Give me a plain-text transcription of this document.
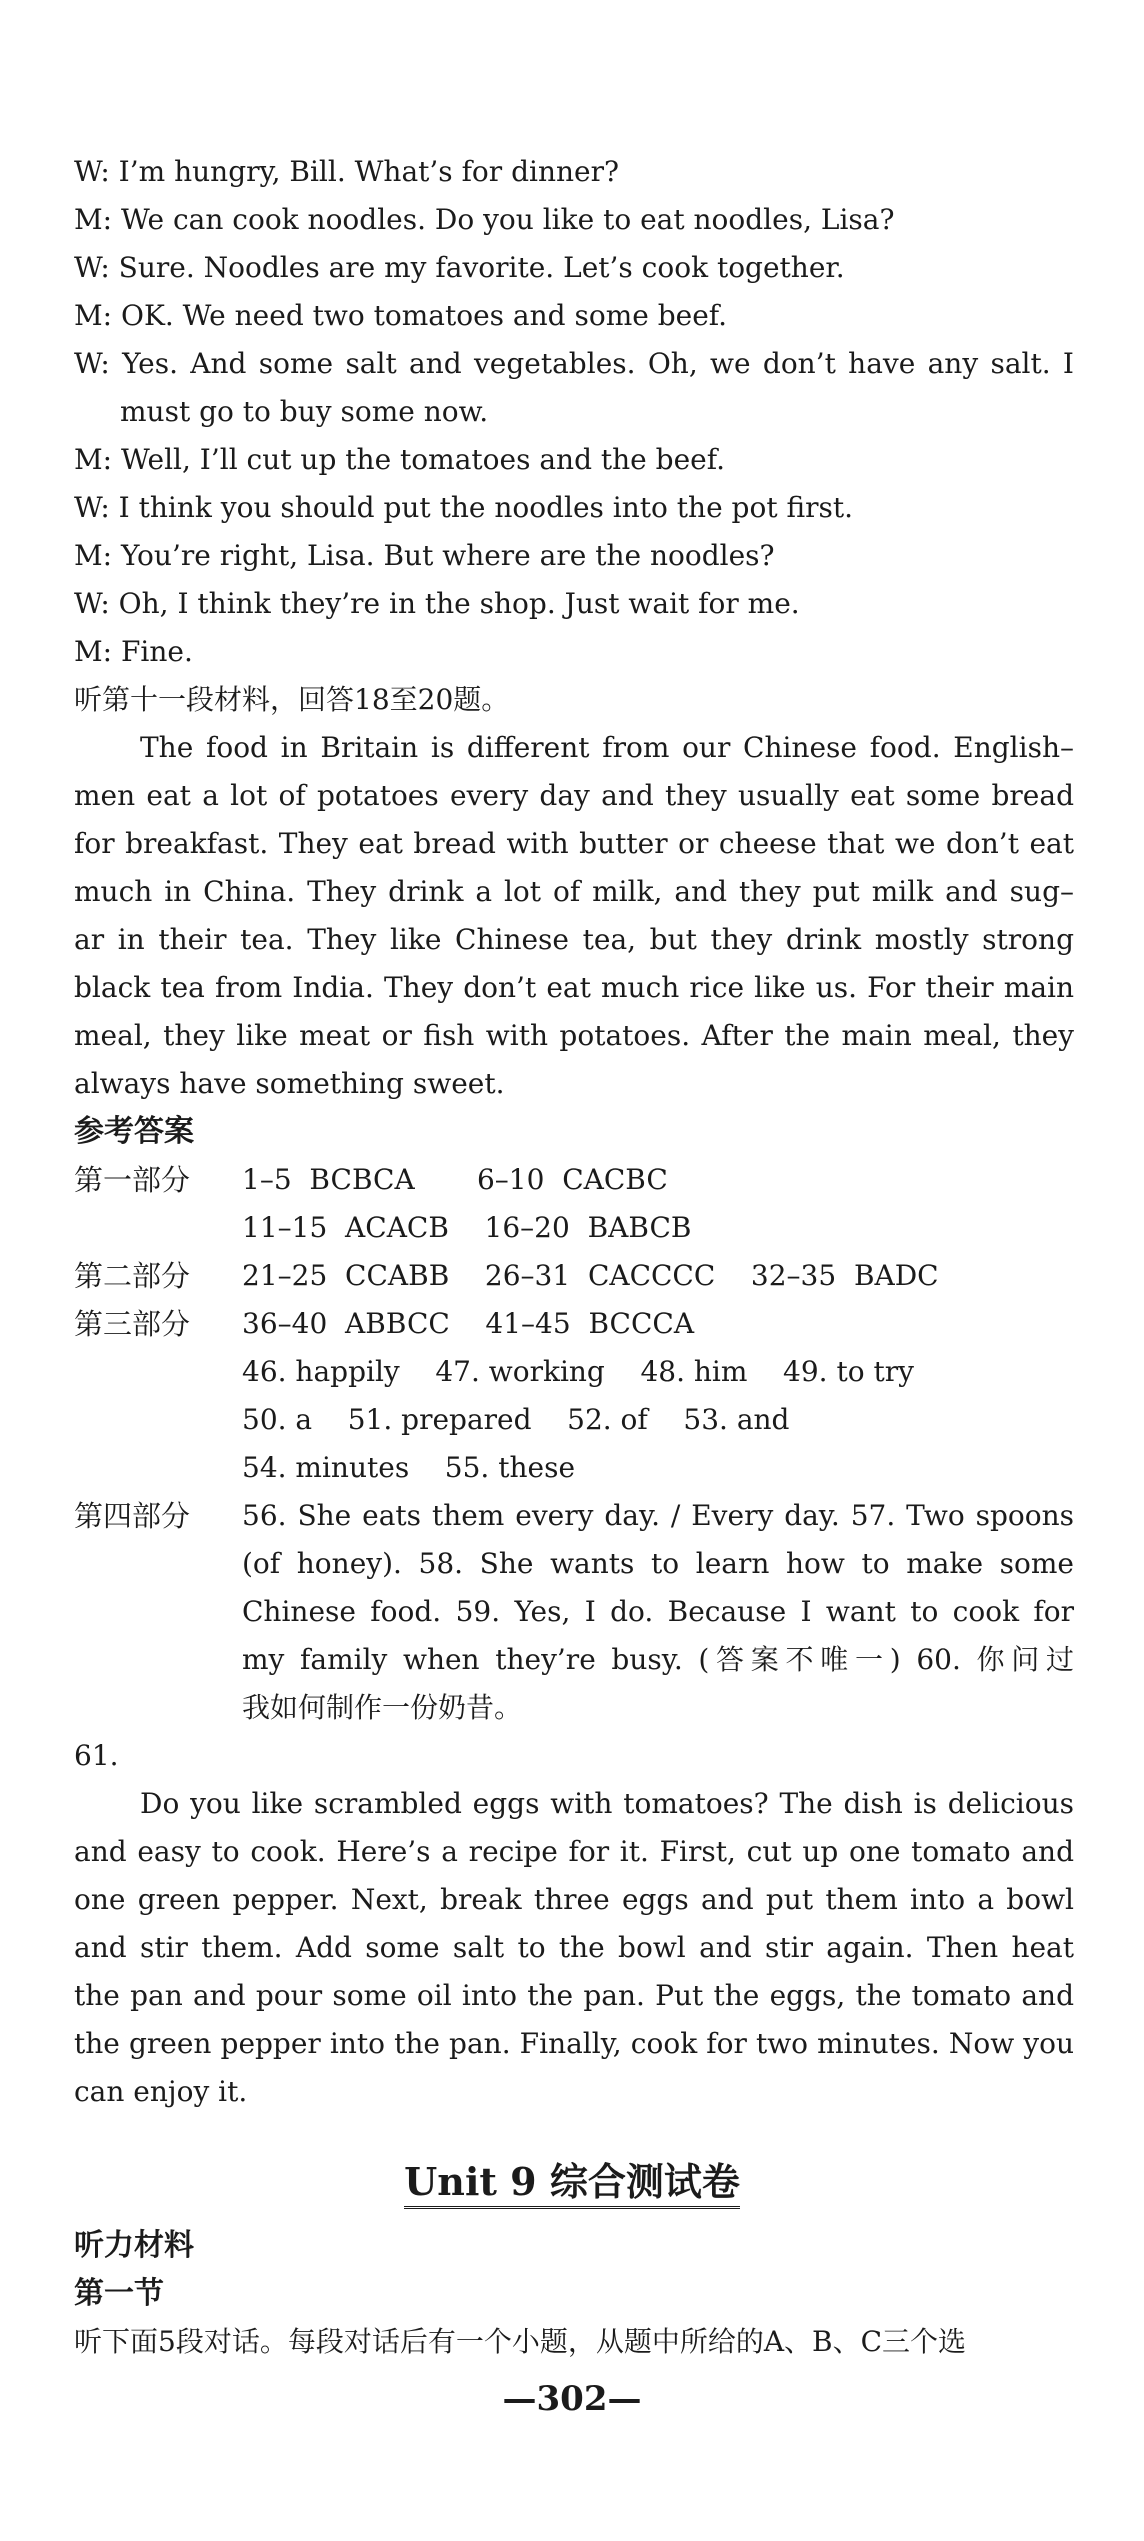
W: I’m hungry, Bill. What’s for dinner?
M: We can cook noodles. Do you like to eat noodles, Lisa?
W: Sure. Noodles are my favorite. Let’s cook together.
M: OK. We need two tomatoes and some beef.
W: Yes. And some salt and vegetables. Oh, we don’t have any salt. I
must go to buy some now.
M: Well, I’ll cut up the tomatoes and the beef.
W: I think you should put the noodles into the pot first.
M: You’re right, Lisa. But where are the noodles?
W: Oh, I think they’re in the shop. Just wait for me.
M: Fine.
听第十一段材料，回答18至20题。
The food in Britain is different from our Chinese food. English–
men eat a lot of potatoes every day and they usually eat some bread
for breakfast. They eat bread with butter or cheese that we don’t eat
much in China. They drink a lot of milk, and they put milk and sug–
ar in their tea. They like Chinese tea, but they drink mostly strong
black tea from India. They don’t eat much rice like us. For their main
meal, they like meat or fish with potatoes. After the main meal, they
always have something sweet.
参考答案
第一部分 1–5  BCBCA       6–10  CACBC
11–15  ACACB    16–20  BABCB
第二部分 21–25  CCABB    26–31  CACCCC    32–35  BADC
第三部分 36–40  ABBCC    41–45  BCCCA
46. happily    47. working    48. him    49. to try
50. a    51. prepared    52. of    53. and
54. minutes    55. these
第四部分 56. She eats them every day. / Every day. 57. Two spoons
(of honey). 58. She wants to learn how to make some
Chinese food. 59. Yes, I do. Because I want to cook for
my family when they’re busy. (答案不唯一) 60. 你问过
我如何制作一份奶昔。
61.
Do you like scrambled eggs with tomatoes? The dish is delicious
and easy to cook. Here’s a recipe for it. First, cut up one tomato and
one green pepper. Next, break three eggs and put them into a bowl
and stir them. Add some salt to the bowl and stir again. Then heat
the pan and pour some oil into the pan. Put the eggs, the tomato and
the green pepper into the pan. Finally, cook for two minutes. Now you
can enjoy it.
Unit 9 综合测试卷
听力材料
第一节
听下面5段对话。每段对话后有一个小题，从题中所给的A、B、C三个选
—302—
